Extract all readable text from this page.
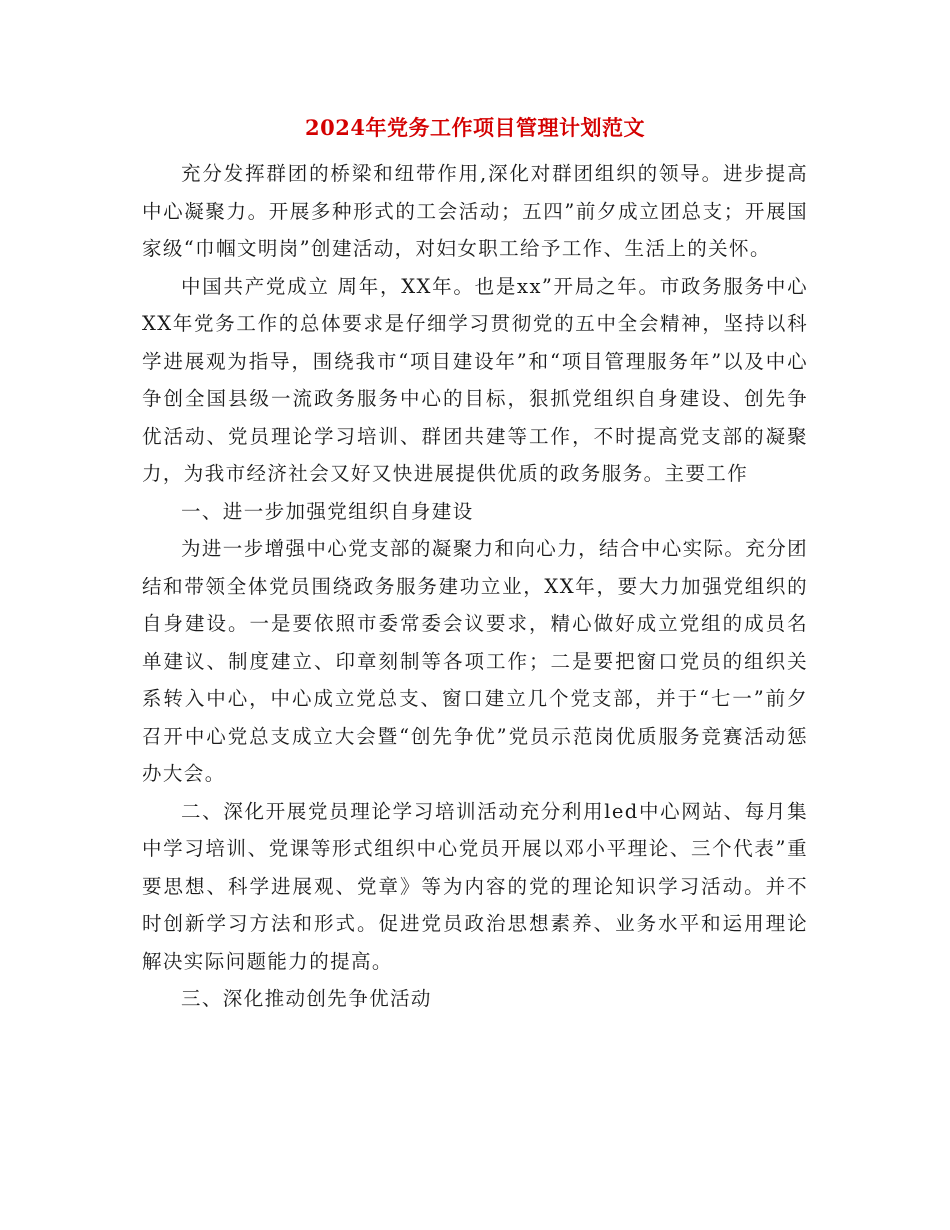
2024年党务工作项目管理计划范文

充分发挥群团的桥梁和纽带作用,深化对群团组织的领导。进步提高中心凝聚力。开展多种形式的工会活动；五四”前夕成立团总支；开展国家级“巾帼文明岗”创建活动，对妇女职工给予工作、生活上的关怀。

中国共产党成立 周年，XX年。也是xx”开局之年。市政务服务中心XX年党务工作的总体要求是仔细学习贯彻党的五中全会精神，坚持以科学进展观为指导，围绕我市“项目建设年”和“项目管理服务年”以及中心争创全国县级一流政务服务中心的目标，狠抓党组织自身建设、创先争优活动、党员理论学习培训、群团共建等工作，不时提高党支部的凝聚力，为我市经济社会又好又快进展提供优质的政务服务。主要工作

一、进一步加强党组织自身建设

为进一步增强中心党支部的凝聚力和向心力，结合中心实际。充分团结和带领全体党员围绕政务服务建功立业，XX年，要大力加强党组织的自身建设。一是要依照市委常委会议要求，精心做好成立党组的成员名单建议、制度建立、印章刻制等各项工作；二是要把窗口党员的组织关系转入中心，中心成立党总支、窗口建立几个党支部，并于“七一”前夕召开中心党总支成立大会暨“创先争优”党员示范岗优质服务竞赛活动惩办大会。

二、深化开展党员理论学习培训活动充分利用led中心网站、每月集中学习培训、党课等形式组织中心党员开展以邓小平理论、三个代表”重要思想、科学进展观、党章》等为内容的党的理论知识学习活动。并不时创新学习方法和形式。促进党员政治思想素养、业务水平和运用理论解决实际问题能力的提高。

三、深化推动创先争优活动
